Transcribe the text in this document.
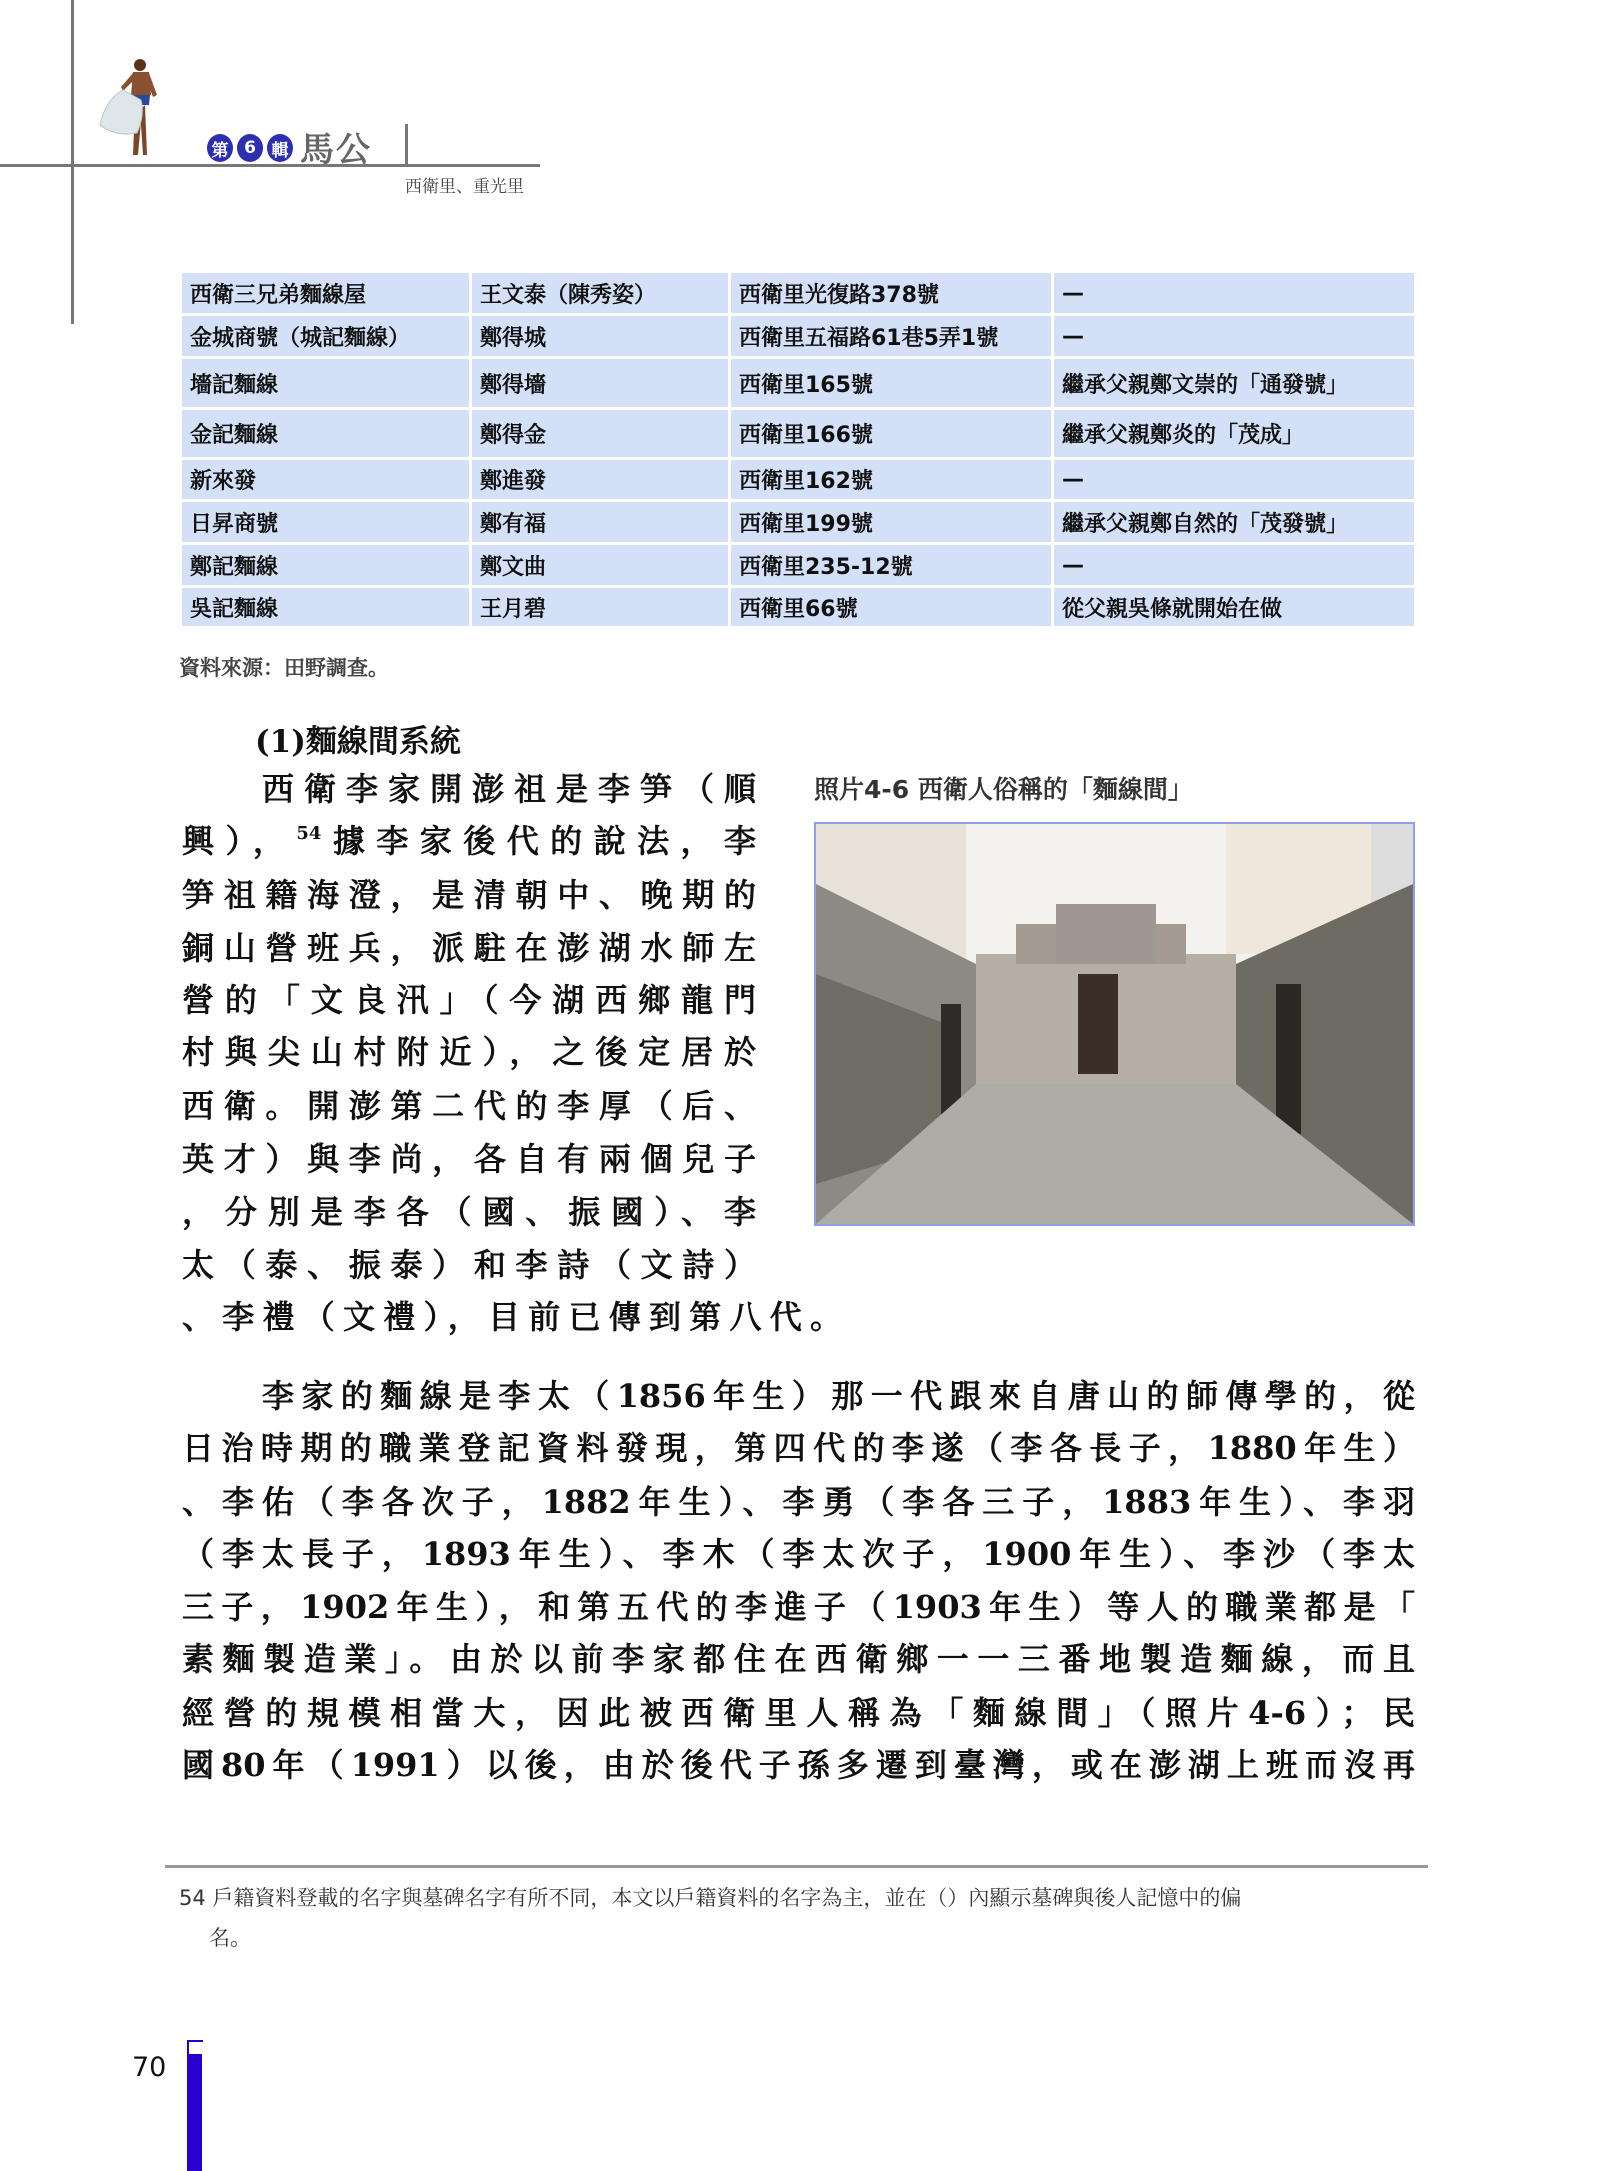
第 6 輯 馬公
西衛里、重光里
西衛三兄弟麵線屋	王文泰（陳秀姿）	西衛里光復路378號	—
金城商號（城記麵線）	鄭得城	西衛里五福路61巷5弄1號	—
墻記麵線	鄭得墻	西衛里165號	繼承父親鄭文崇的「通發號」
金記麵線	鄭得金	西衛里166號	繼承父親鄭炎的「茂成」
新來發	鄭進發	西衛里162號	—
日昇商號	鄭有福	西衛里199號	繼承父親鄭自然的「茂發號」
鄭記麵線	鄭文曲	西衛里235-12號	—
吳記麵線	王月碧	西衛里66號	從父親吳條就開始在做
資料來源：田野調查。
(1)麵線間系統
西衛李家開澎祖是李笋（順
興），$^{54}$據李家後代的說法，李
笋祖籍海澄，是清朝中、晚期的
銅山營班兵，派駐在澎湖水師左
營的「文良汛」（今湖西鄉龍門
村與尖山村附近），之後定居於
西衛。開澎第二代的李厚（后、
英才）與李尚，各自有兩個兒子
，分別是李各（國、振國）、李
太（泰、振泰）和李詩（文詩）
、李禮（文禮），目前已傳到第八代。
照片4-6 西衛人俗稱的「麵線間」
李家的麵線是李太（1856年生）那一代跟來自唐山的師傳學的，從
日治時期的職業登記資料發現，第四代的李遂（李各長子，1880年生）
、李佑（李各次子，1882年生）、李勇（李各三子，1883年生）、李羽
（李太長子，1893年生）、李木（李太次子，1900年生）、李沙（李太
三子，1902年生），和第五代的李進子（1903年生）等人的職業都是「
素麵製造業」。由於以前李家都住在西衛鄉一一三番地製造麵線，而且
經營的規模相當大，因此被西衛里人稱為「麵線間」（照片4-6）；民
國80年（1991）以後，由於後代子孫多遷到臺灣，或在澎湖上班而沒再
54 戶籍資料登載的名字與墓碑名字有所不同，本文以戶籍資料的名字為主，並在（）內顯示墓碑與後人記憶中的偏
名。
70
